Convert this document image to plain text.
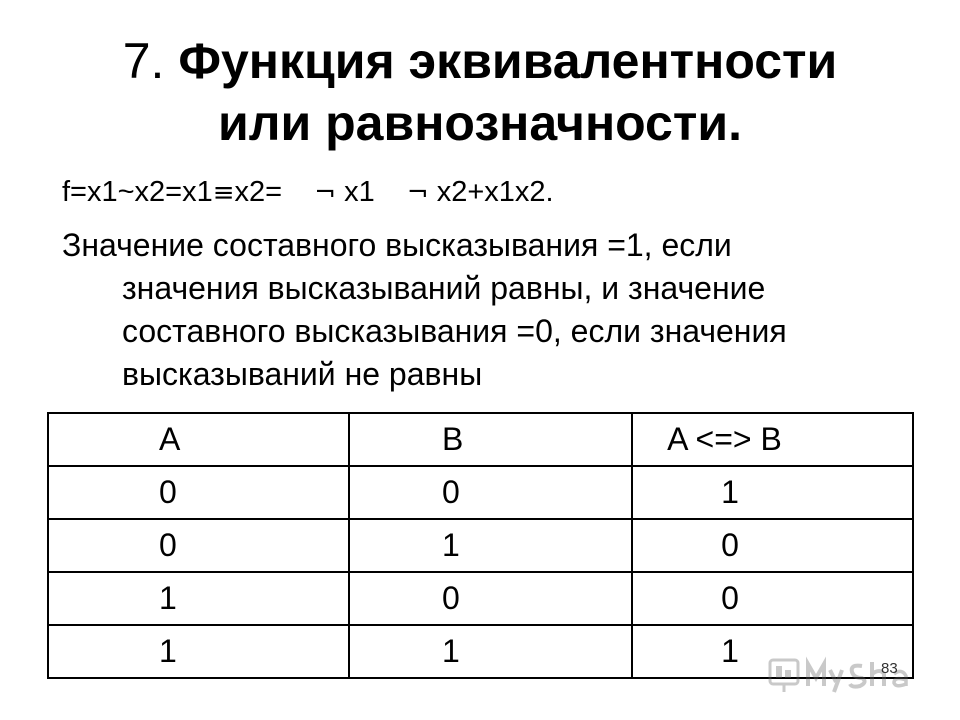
7. Функция эквивалентности
или равнозначности.
f=x1~x2=x1≡x2= ¬ x1 ¬ x2+x1x2.
Значение составного высказывания =1, если
значения высказываний равны, и значение составного высказывания =0, если значения высказываний не равны
A	B	A <=> B
0	0	1
0	1	0
1	0	0
1	1	1	83
